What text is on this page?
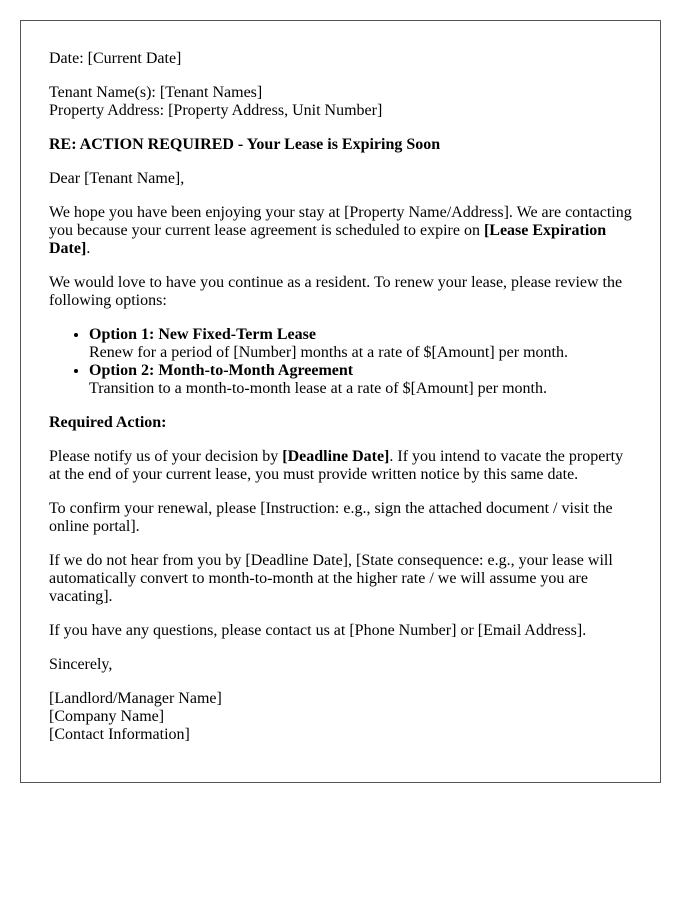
Date: [Current Date]

Tenant Name(s): [Tenant Names]
Property Address: [Property Address, Unit Number]

RE: ACTION REQUIRED - Your Lease is Expiring Soon

Dear [Tenant Name],

We hope you have been enjoying your stay at [Property Name/Address]. We are contacting you because your current lease agreement is scheduled to expire on [Lease Expiration Date].

We would love to have you continue as a resident. To renew your lease, please review the following options:

• Option 1: New Fixed-Term Lease
Renew for a period of [Number] months at a rate of $[Amount] per month.
• Option 2: Month-to-Month Agreement
Transition to a month-to-month lease at a rate of $[Amount] per month.

Required Action:

Please notify us of your decision by [Deadline Date]. If you intend to vacate the property at the end of your current lease, you must provide written notice by this same date.

To confirm your renewal, please [Instruction: e.g., sign the attached document / visit the online portal].

If we do not hear from you by [Deadline Date], [State consequence: e.g., your lease will automatically convert to month-to-month at the higher rate / we will assume you are vacating].

If you have any questions, please contact us at [Phone Number] or [Email Address].

Sincerely,

[Landlord/Manager Name]
[Company Name]
[Contact Information]
